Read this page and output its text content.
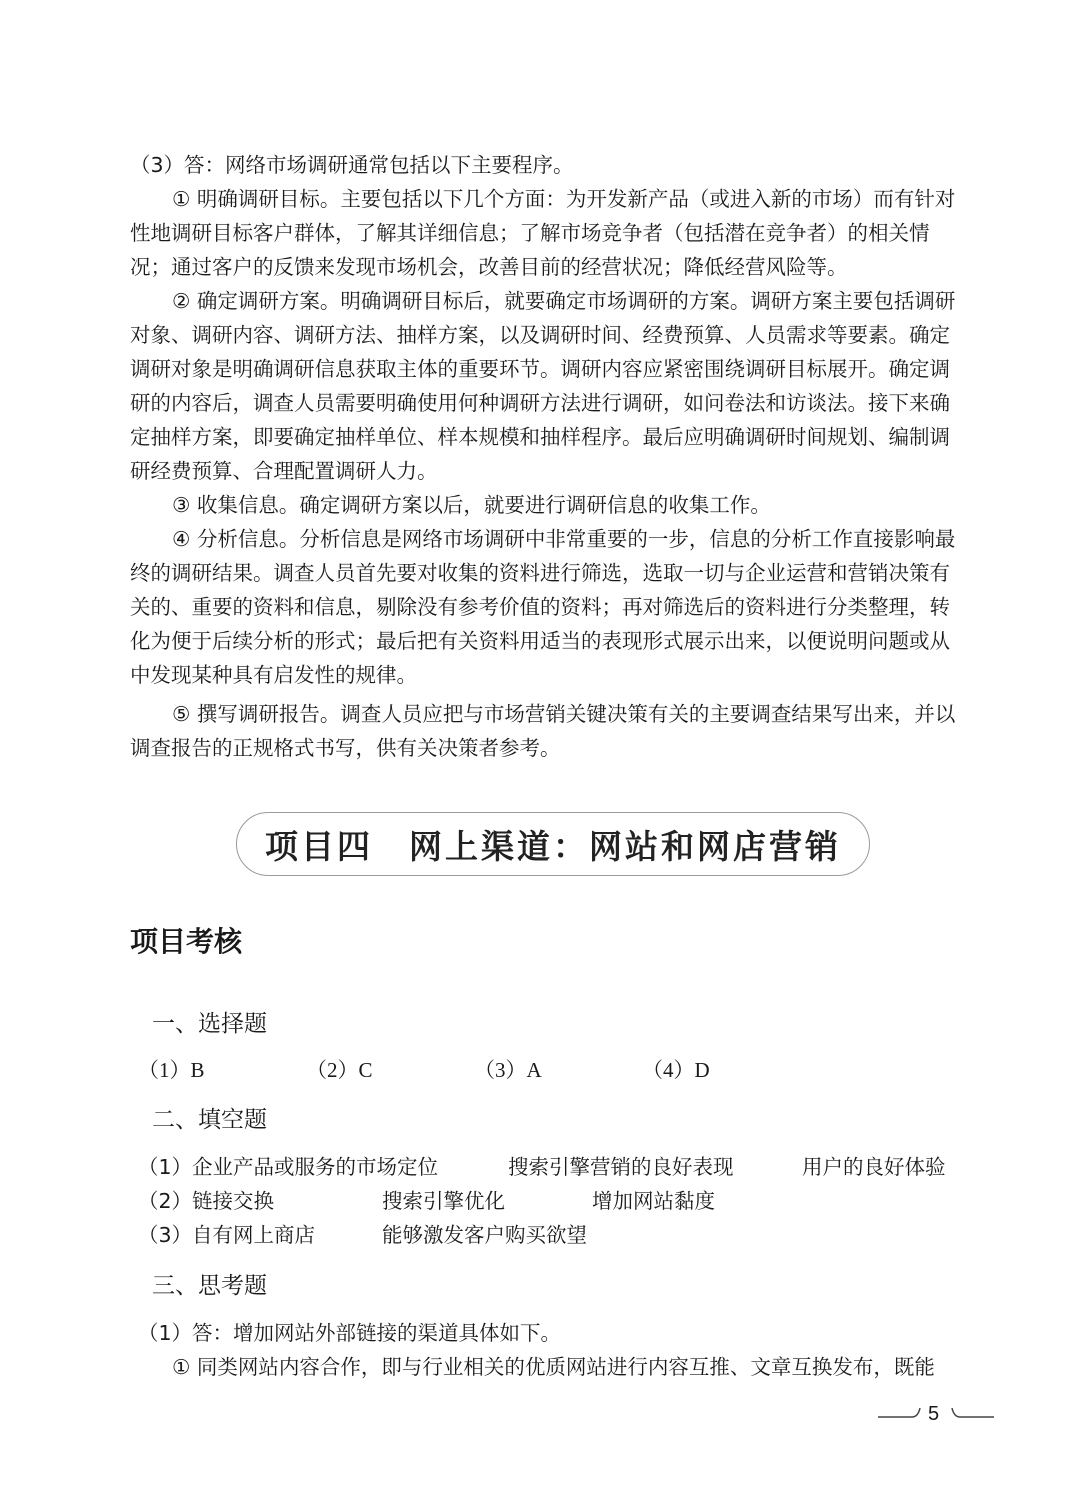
（3）答：网络市场调研通常包括以下主要程序。

① 明确调研目标。主要包括以下几个方面：为开发新产品（或进入新的市场）而有针对性地调研目标客户群体，了解其详细信息；了解市场竞争者（包括潜在竞争者）的相关情况；通过客户的反馈来发现市场机会，改善目前的经营状况；降低经营风险等。

② 确定调研方案。明确调研目标后，就要确定市场调研的方案。调研方案主要包括调研对象、调研内容、调研方法、抽样方案，以及调研时间、经费预算、人员需求等要素。确定调研对象是明确调研信息获取主体的重要环节。调研内容应紧密围绕调研目标展开。确定调研的内容后，调查人员需要明确使用何种调研方法进行调研，如问卷法和访谈法。接下来确定抽样方案，即要确定抽样单位、样本规模和抽样程序。最后应明确调研时间规划、编制调研经费预算、合理配置调研人力。

③ 收集信息。确定调研方案以后，就要进行调研信息的收集工作。

④ 分析信息。分析信息是网络市场调研中非常重要的一步，信息的分析工作直接影响最终的调研结果。调查人员首先要对收集的资料进行筛选，选取一切与企业运营和营销决策有关的、重要的资料和信息，剔除没有参考价值的资料；再对筛选后的资料进行分类整理，转化为便于后续分析的形式；最后把有关资料用适当的表现形式展示出来，以便说明问题或从中发现某种具有启发性的规律。

⑤ 撰写调研报告。调查人员应把与市场营销关键决策有关的主要调查结果写出来，并以调查报告的正规格式书写，供有关决策者参考。

项目四　网上渠道：网站和网店营销
项目考核
一、选择题
（1）B	（2）C	（3）A	（4）D
二、填空题
（1）企业产品或服务的市场定位	搜索引擎营销的良好表现	用户的良好体验
（2）链接交换	搜索引擎优化	增加网站黏度
（3）自有网上商店	能够激发客户购买欲望
三、思考题
（1）答：增加网站外部链接的渠道具体如下。
① 同类网站内容合作，即与行业相关的优质网站进行内容互推、文章互换发布，既能
5
